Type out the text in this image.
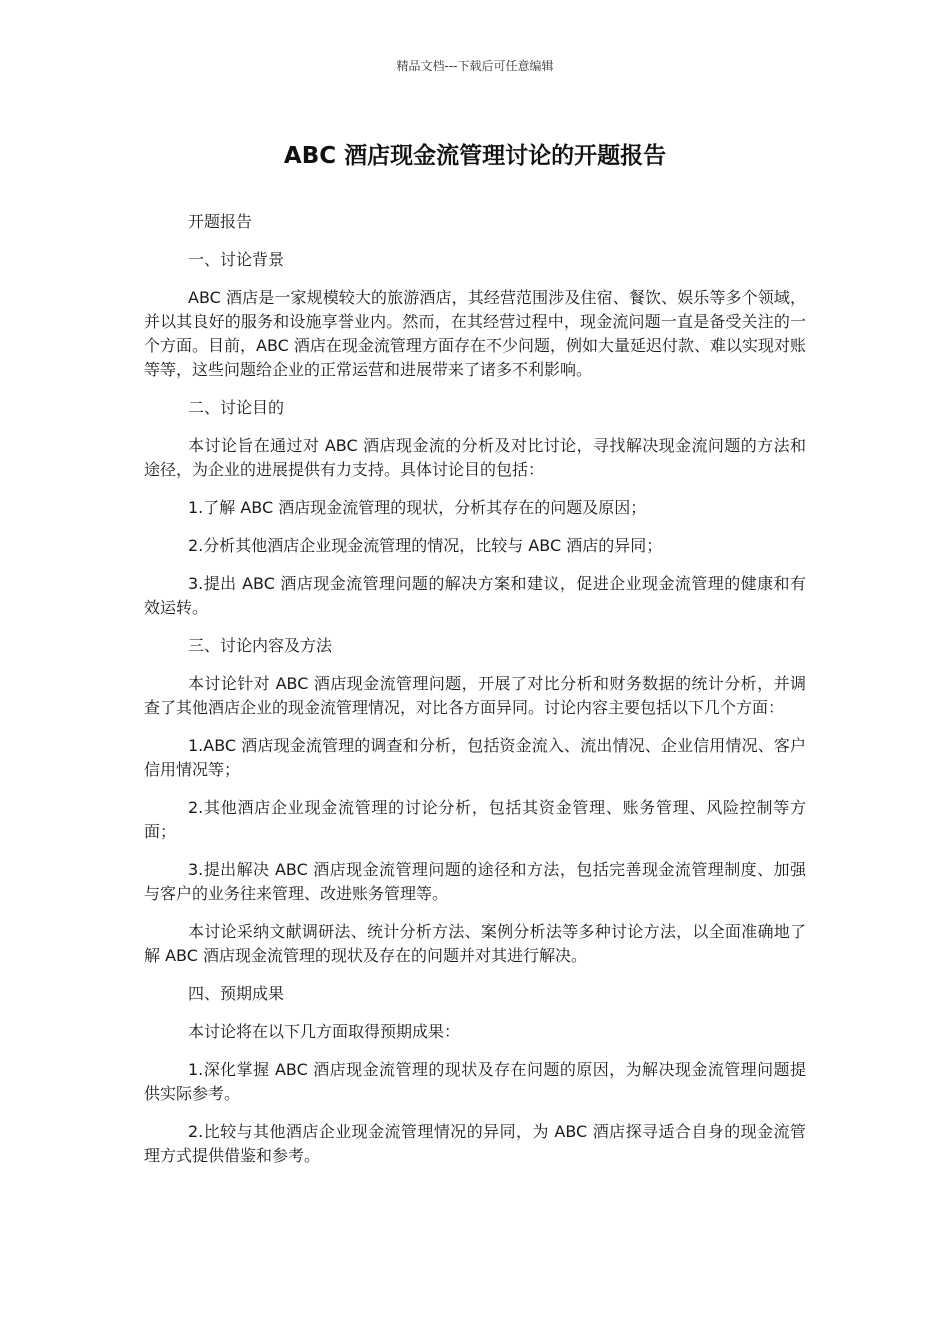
精品文档---下载后可任意编辑
ABC 酒店现金流管理讨论的开题报告

开题报告

一、讨论背景

ABC 酒店是一家规模较大的旅游酒店，其经营范围涉及住宿、餐饮、娱乐等多个领域，并以其良好的服务和设施享誉业内。然而，在其经营过程中，现金流问题一直是备受关注的一个方面。目前，ABC 酒店在现金流管理方面存在不少问题，例如大量延迟付款、难以实现对账等等，这些问题给企业的正常运营和进展带来了诸多不利影响。

二、讨论目的

本讨论旨在通过对 ABC 酒店现金流的分析及对比讨论，寻找解决现金流问题的方法和途径，为企业的进展提供有力支持。具体讨论目的包括：

1.了解 ABC 酒店现金流管理的现状，分析其存在的问题及原因；

2.分析其他酒店企业现金流管理的情况，比较与 ABC 酒店的异同；

3.提出 ABC 酒店现金流管理问题的解决方案和建议，促进企业现金流管理的健康和有效运转。

三、讨论内容及方法

本讨论针对 ABC 酒店现金流管理问题，开展了对比分析和财务数据的统计分析，并调查了其他酒店企业的现金流管理情况，对比各方面异同。讨论内容主要包括以下几个方面：

1.ABC 酒店现金流管理的调查和分析，包括资金流入、流出情况、企业信用情况、客户信用情况等；

2.其他酒店企业现金流管理的讨论分析，包括其资金管理、账务管理、风险控制等方面；

3.提出解决 ABC 酒店现金流管理问题的途径和方法，包括完善现金流管理制度、加强与客户的业务往来管理、改进账务管理等。

本讨论采纳文献调研法、统计分析方法、案例分析法等多种讨论方法，以全面准确地了解 ABC 酒店现金流管理的现状及存在的问题并对其进行解决。

四、预期成果

本讨论将在以下几方面取得预期成果：

1.深化掌握 ABC 酒店现金流管理的现状及存在问题的原因，为解决现金流管理问题提供实际参考。

2.比较与其他酒店企业现金流管理情况的异同，为 ABC 酒店探寻适合自身的现金流管理方式提供借鉴和参考。
